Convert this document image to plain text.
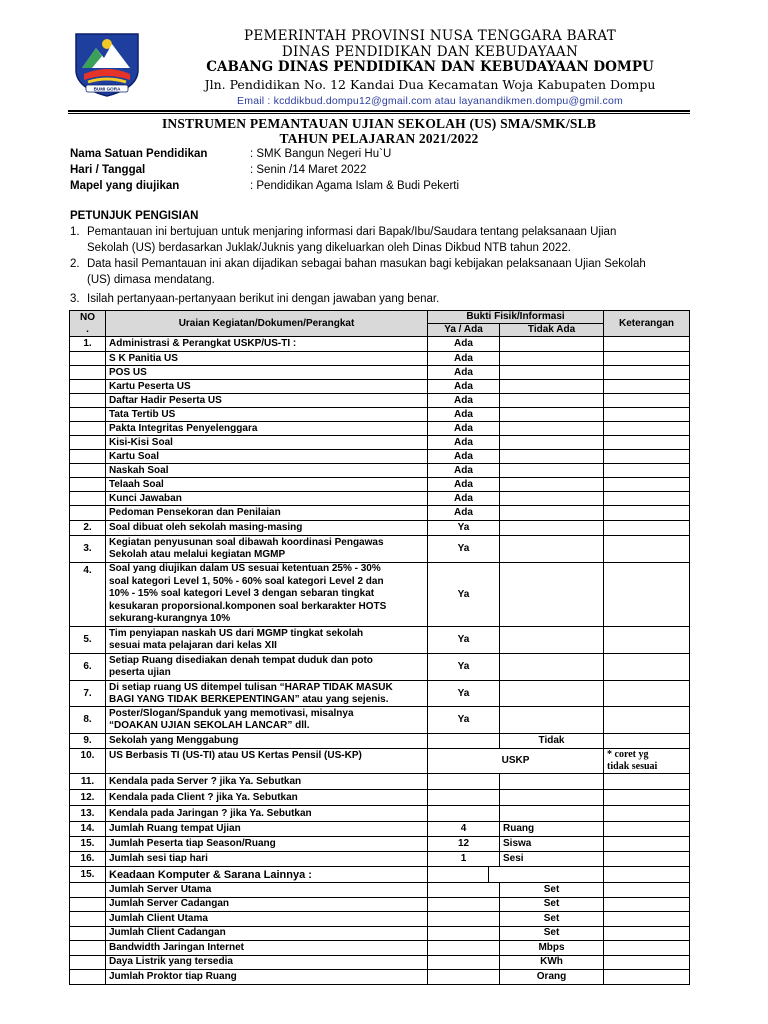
BUMI GORA
PEMERINTAH PROVINSI NUSA TENGGARA BARAT
DINAS PENDIDIKAN DAN KEBUDAYAAN
CABANG DINAS PENDIDIKAN DAN KEBUDAYAAN DOMPU
Jln. Pendidikan No. 12 Kandai Dua Kecamatan Woja Kabupaten Dompu
Email : kcddikbud.dompu12@gmail.com atau layanandikmen.dompu@gmil.com
INSTRUMEN PEMANTAUAN UJIAN SEKOLAH (US) SMA/SMK/SLB
TAHUN PELAJARAN 2021/2022
Nama Satuan Pendidikan	: SMK Bangun Negeri Hu`U
Hari / Tanggal	: Senin /14 Maret 2022
Mapel yang diujikan	: Pendidikan Agama Islam & Budi Pekerti
PETUNJUK PENGISIAN
1. Pemantauan ini bertujuan untuk menjaring informasi dari Bapak/Ibu/Saudara tentang pelaksanaan Ujian
Sekolah (US) berdasarkan Juklak/Juknis yang dikeluarkan oleh Dinas Dikbud NTB tahun 2022.
2. Data hasil Pemantauan ini akan dijadikan sebagai bahan masukan bagi kebijakan pelaksanaan Ujian Sekolah
(US) dimasa mendatang.
3. Isilah pertanyaan-pertanyaan berikut ini dengan jawaban yang benar.
NO
.	Uraian Kegiatan/Dokumen/Perangkat	Bukti Fisik/Informasi			Keterangan
		Ya / Ada		Tidak Ada	
1.	Administrasi & Perangkat USKP/US-TI :	Ada			
	S K Panitia US	Ada			
	POS US	Ada			
	Kartu Peserta US	Ada			
	Daftar Hadir Peserta US	Ada			
	Tata Tertib US	Ada			
	Pakta Integritas Penyelenggara	Ada			
	Kisi-Kisi Soal	Ada			
	Kartu Soal	Ada			
	Naskah Soal	Ada			
	Telaah Soal	Ada			
	Kunci Jawaban	Ada			
	Pedoman Pensekoran dan Penilaian	Ada			
2.	Soal dibuat oleh sekolah masing-masing	Ya			
3.	Kegiatan penyusunan soal dibawah koordinasi Pengawas
Sekolah atau melalui kegiatan MGMP	Ya			
4.	Soal yang diujikan dalam US sesuai ketentuan 25% - 30%
soal kategori Level 1, 50% - 60% soal kategori Level 2 dan
10% - 15% soal kategori Level 3 dengan sebaran tingkat
kesukaran proporsional.komponen soal berkarakter HOTS
sekurang-kurangnya 10%	Ya			
5.	Tim penyiapan naskah US dari MGMP tingkat sekolah
sesuai mata pelajaran dari kelas XII	Ya			
6.	Setiap Ruang disediakan denah tempat duduk dan poto
peserta ujian	Ya			
7.	Di setiap ruang US ditempel tulisan “HARAP TIDAK MASUK
BAGI YANG TIDAK BERKEPENTINGAN” atau yang sejenis.	Ya			
8.	Poster/Slogan/Spanduk yang memotivasi, misalnya
“DOAKAN UJIAN SEKOLAH LANCAR” dll.	Ya			
9.	Sekolah yang Menggabung			Tidak	
10.	US Berbasis TI (US-TI) atau US Kertas Pensil (US-KP)	USKP			* coret yg
tidak sesuai

11.	Kendala pada Server ? jika Ya. Sebutkan				
12.	Kendala pada Client ? jika Ya. Sebutkan				
13.	Kendala pada Jaringan ? jika Ya. Sebutkan				
14.	Jumlah Ruang tempat Ujian	4		Ruang	
15.	Jumlah Peserta tiap Season/Ruang	12		Siswa	
16.	Jumlah sesi tiap hari	1		Sesi	
15.	Keadaan Komputer & Sarana Lainnya :				
	Jumlah Server Utama			Set	
	Jumlah Server Cadangan			Set	
	Jumlah Client Utama			Set	
	Jumlah Client Cadangan			Set	
	Bandwidth Jaringan Internet			Mbps	
	Daya Listrik yang tersedia			KWh	
	Jumlah Proktor tiap Ruang			Orang	
